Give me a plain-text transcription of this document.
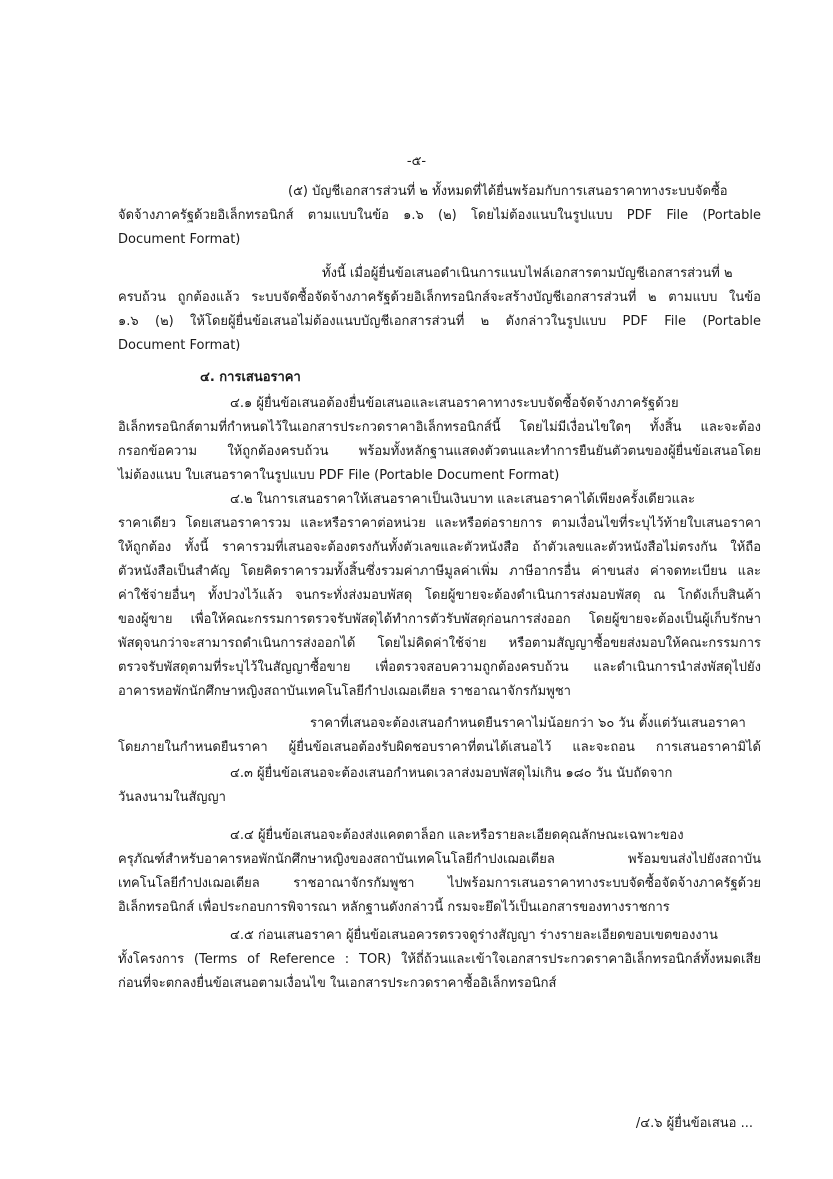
-๕-
(๕) บัญชีเอกสารส่วนที่ ๒ ทั้งหมดที่ได้ยื่นพร้อมกับการเสนอราคาทางระบบจัดซื้อ
จัดจ้างภาครัฐด้วยอิเล็กทรอนิกส์ ตามแบบในข้อ ๑.๖ (๒) โดยไม่ต้องแนบในรูปแบบ PDF File (Portable
Document Format)
ทั้งนี้ เมื่อผู้ยื่นข้อเสนอดำเนินการแนบไฟล์เอกสารตามบัญชีเอกสารส่วนที่ ๒
ครบถ้วน ถูกต้องแล้ว ระบบจัดซื้อจัดจ้างภาครัฐด้วยอิเล็กทรอนิกส์จะสร้างบัญชีเอกสารส่วนที่ ๒ ตามแบบ ในข้อ
๑.๖ (๒) ให้โดยผู้ยื่นข้อเสนอไม่ต้องแนบบัญชีเอกสารส่วนที่ ๒ ดังกล่าวในรูปแบบ PDF File (Portable
Document Format)
๔. การเสนอราคา
๔.๑ ผู้ยื่นข้อเสนอต้องยื่นข้อเสนอและเสนอราคาทางระบบจัดซื้อจัดจ้างภาครัฐด้วย
อิเล็กทรอนิกส์ตามที่กำหนดไว้ในเอกสารประกวดราคาอิเล็กทรอนิกส์นี้ โดยไม่มีเงื่อนไขใดๆ ทั้งสิ้น และจะต้อง
กรอกข้อความ ให้ถูกต้องครบถ้วน พร้อมทั้งหลักฐานแสดงตัวตนและทำการยืนยันตัวตนของผู้ยื่นข้อเสนอโดย
ไม่ต้องแนบ ใบเสนอราคาในรูปแบบ PDF File (Portable Document Format)
๔.๒ ในการเสนอราคาให้เสนอราคาเป็นเงินบาท และเสนอราคาได้เพียงครั้งเดียวและ
ราคาเดียว โดยเสนอราคารวม และหรือราคาต่อหน่วย และหรือต่อรายการ ตามเงื่อนไขที่ระบุไว้ท้ายใบเสนอราคา
ให้ถูกต้อง ทั้งนี้ ราคารวมที่เสนอจะต้องตรงกันทั้งตัวเลขและตัวหนังสือ ถ้าตัวเลขและตัวหนังสือไม่ตรงกัน ให้ถือ
ตัวหนังสือเป็นสำคัญ โดยคิดราคารวมทั้งสิ้นซึ่งรวมค่าภาษีมูลค่าเพิ่ม ภาษีอากรอื่น ค่าขนส่ง ค่าจดทะเบียน และ
ค่าใช้จ่ายอื่นๆ ทั้งปวงไว้แล้ว จนกระทั่งส่งมอบพัสดุ โดยผู้ขายจะต้องดำเนินการส่งมอบพัสดุ ณ โกดังเก็บสินค้า
ของผู้ขาย เพื่อให้คณะกรรมการตรวจรับพัสดุได้ทำการตัวรับพัสดุก่อนการส่งออก โดยผู้ขายจะต้องเป็นผู้เก็บรักษา
พัสดุจนกว่าจะสามารถดำเนินการส่งออกได้ โดยไม่คิดค่าใช้จ่าย หรือตามสัญญาซื้อขยส่งมอบให้คณะกรรมการ
ตรวจรับพัสดุตามที่ระบุไว้ในสัญญาซื้อขาย เพื่อตรวจสอบความถูกต้องครบถ้วน และดำเนินการนำส่งพัสดุไปยัง
อาคารหอพักนักศึกษาหญิงสถาบันเทคโนโลยีกำปงเฌอเตียล ราชอาณาจักรกัมพูชา
ราคาที่เสนอจะต้องเสนอกำหนดยืนราคาไม่น้อยกว่า ๖๐ วัน ตั้งแต่วันเสนอราคา
โดยภายในกำหนดยืนราคา ผู้ยื่นข้อเสนอต้องรับผิดชอบราคาที่ตนได้เสนอไว้ และจะถอน การเสนอราคามิได้
๔.๓ ผู้ยื่นข้อเสนอจะต้องเสนอกำหนดเวลาส่งมอบพัสดุไม่เกิน ๑๘๐ วัน นับถัดจาก
วันลงนามในสัญญา
๔.๔ ผู้ยื่นข้อเสนอจะต้องส่งแคตตาล็อก และหรือรายละเอียดคุณลักษณะเฉพาะของ
ครุภัณฑ์สำหรับอาคารหอพักนักศึกษาหญิงของสถาบันเทคโนโลยีกำปงเฌอเตียล พร้อมขนส่งไปยังสถาบัน
เทคโนโลยีกำปงเฌอเตียล ราชอาณาจักรกัมพูชา ไปพร้อมการเสนอราคาทางระบบจัดซื้อจัดจ้างภาครัฐด้วย
อิเล็กทรอนิกส์ เพื่อประกอบการพิจารณา หลักฐานดังกล่าวนี้ กรมจะยึดไว้เป็นเอกสารของทางราชการ
๔.๕ ก่อนเสนอราคา ผู้ยื่นข้อเสนอควรตรวจดูร่างสัญญา ร่างรายละเอียดขอบเขตของงาน
ทั้งโครงการ (Terms of Reference : TOR) ให้ถี่ถ้วนและเข้าใจเอกสารประกวดราคาอิเล็กทรอนิกส์ทั้งหมดเสีย
ก่อนที่จะตกลงยื่นข้อเสนอตามเงื่อนไข ในเอกสารประกวดราคาซื้ออิเล็กทรอนิกส์
/๔.๖ ผู้ยื่นข้อเสนอ ...
